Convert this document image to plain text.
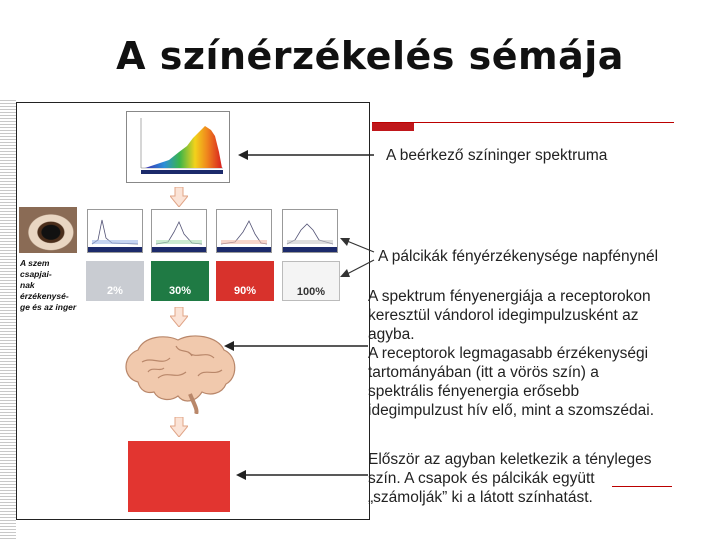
A színérzékelés sémája
A szem csapjai-
nak érzékenysé-
ge és az inger
2%	30%	90%	100%
A beérkező színinger spektruma
A pálcikák fényérzékenysége napfénynél
A spektrum fényenergiája a receptorokon
keresztül vándorol idegimpulzusként az
agyba.
A receptorok legmagasabb érzékenységi
tartományában (itt a vörös szín) a
spektrális fényenergia erősebb
idegimpulzust hív elő, mint a szomszédai.
Először az agyban keletkezik a tényleges
szín. A csapok és pálcikák együtt
„számolják” ki a látott színhatást.
